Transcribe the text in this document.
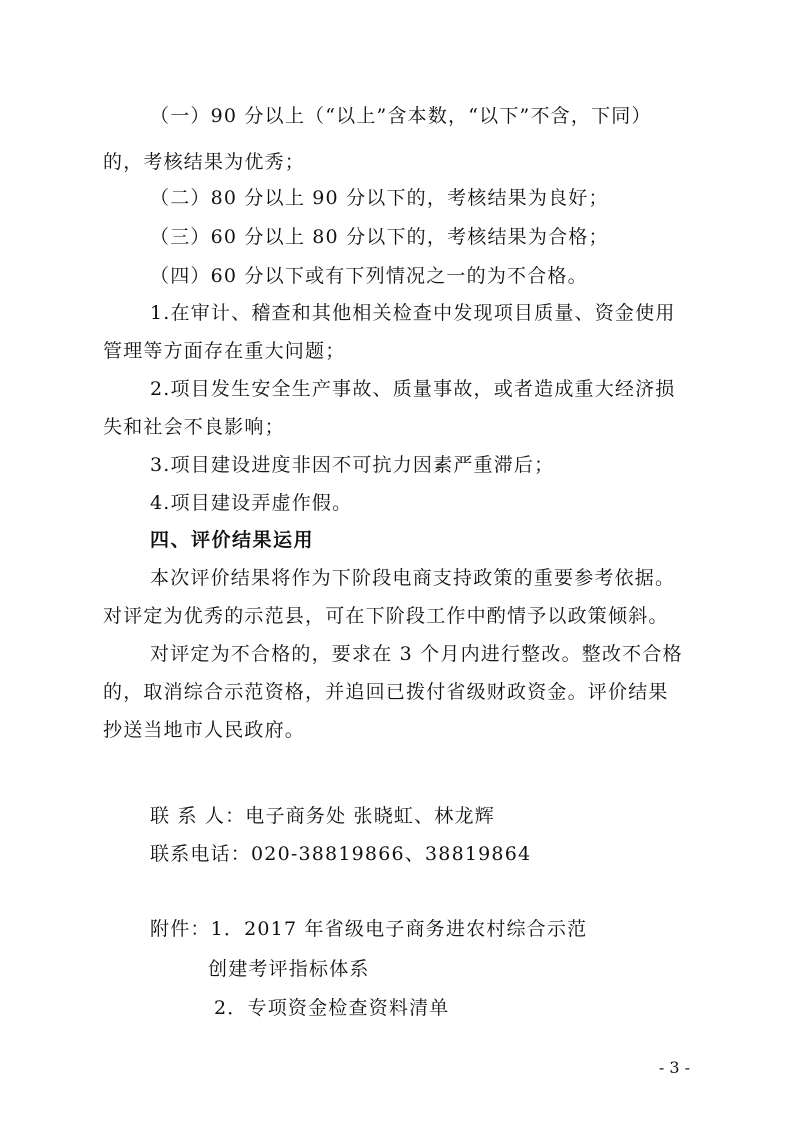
（一）90 分以上（“以上”含本数，“以下”不含，下同）
的，考核结果为优秀；
（二）80 分以上 90 分以下的，考核结果为良好；
（三）60 分以上 80 分以下的，考核结果为合格；
（四）60 分以下或有下列情况之一的为不合格。
1.在审计、稽查和其他相关检查中发现项目质量、资金使用
管理等方面存在重大问题；
2.项目发生安全生产事故、质量事故，或者造成重大经济损
失和社会不良影响；
3.项目建设进度非因不可抗力因素严重滞后；
4.项目建设弄虚作假。
四、评价结果运用
本次评价结果将作为下阶段电商支持政策的重要参考依据。
对评定为优秀的示范县，可在下阶段工作中酌情予以政策倾斜。
对评定为不合格的，要求在 3 个月内进行整改。整改不合格
的，取消综合示范资格，并追回已拨付省级财政资金。评价结果
抄送当地市人民政府。
联 系 人：电子商务处 张晓虹、林龙辉
联系电话：020-38819866、38819864
附件：1．2017 年省级电子商务进农村综合示范
创建考评指标体系
2．专项资金检查资料清单
- 3 -
